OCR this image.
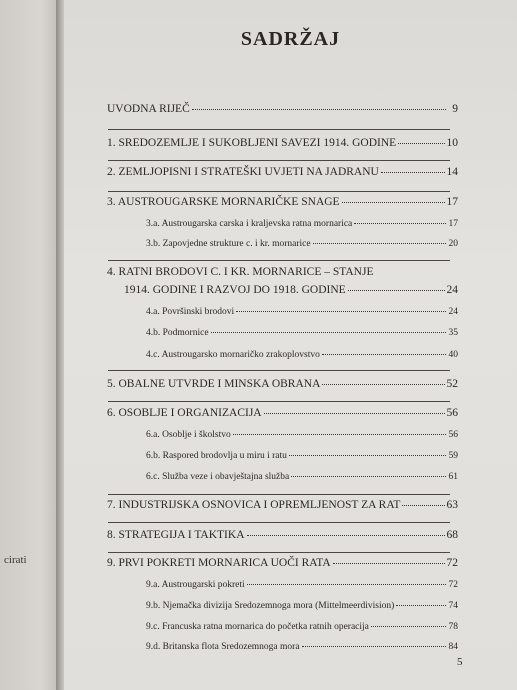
cirati
SADRŽAJ
UVODNA RIJEČ	9
1. SREDOZEMLJE I SUKOBLJENI SAVEZI 1914. GODINE	10
2. ZEMLJOPISNI I STRATEŠKI UVJETI NA JADRANU	14
3. AUSTROUGARSKE MORNARIČKE SNAGE	17
3.a. Austrougarska carska i kraljevska ratna mornarica	17
3.b. Zapovjedne strukture c. i kr. mornarice	20
4. RATNI BRODOVI C. I KR. MORNARICE – STANJE
1914. GODINE I RAZVOJ DO 1918. GODINE	24
4.a. Površinski brodovi	24
4.b. Podmornice	35
4.c. Austrougarsko mornaričko zrakoplovstvo	40
5. OBALNE UTVRDE I MINSKA OBRANA	52
6. OSOBLJE I ORGANIZACIJA	56
6.a. Osoblje i školstvo	56
6.b. Raspored brodovlja u miru i ratu	59
6.c. Služba veze i obavještajna služba	61
7. INDUSTRIJSKA OSNOVICA I OPREMLJENOST ZA RAT	63
8. STRATEGIJA I TAKTIKA	68
9. PRVI POKRETI MORNARICA UOČI RATA	72
9.a. Austrougarski pokreti	72
9.b. Njemačka divizija Sredozemnoga mora (Mittelmeerdivision)	74
9.c. Francuska ratna mornarica do početka ratnih operacija	78
9.d. Britanska flota Sredozemnoga mora	84
5
